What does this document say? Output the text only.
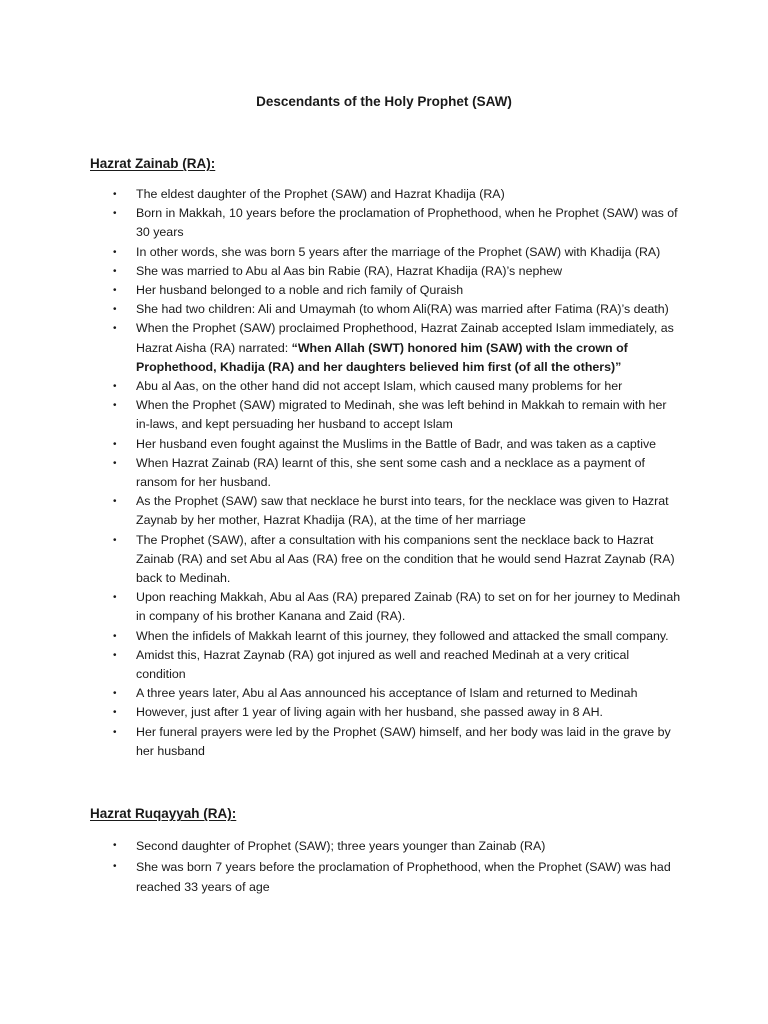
Descendants of the Holy Prophet (SAW)
Hazrat Zainab (RA):
• The eldest daughter of the Prophet (SAW) and Hazrat Khadija (RA)
• Born in Makkah, 10 years before the proclamation of Prophethood, when he Prophet (SAW) was of 30 years
• In other words, she was born 5 years after the marriage of the Prophet (SAW) with Khadija (RA)
• She was married to Abu al Aas bin Rabie (RA), Hazrat Khadija (RA)’s nephew
• Her husband belonged to a noble and rich family of Quraish
• She had two children: Ali and Umaymah (to whom Ali(RA) was married after Fatima (RA)’s death)
• When the Prophet (SAW) proclaimed Prophethood, Hazrat Zainab accepted Islam immediately, as Hazrat Aisha (RA) narrated: “When Allah (SWT) honored him (SAW) with the crown of Prophethood, Khadija (RA) and her daughters believed him first (of all the others)”
• Abu al Aas, on the other hand did not accept Islam, which caused many problems for her
• When the Prophet (SAW) migrated to Medinah, she was left behind in Makkah to remain with her in-laws, and kept persuading her husband to accept Islam
• Her husband even fought against the Muslims in the Battle of Badr, and was taken as a captive
• When Hazrat Zainab (RA) learnt of this, she sent some cash and a necklace as a payment of ransom for her husband.
• As the Prophet (SAW) saw that necklace he burst into tears, for the necklace was given to Hazrat Zaynab by her mother, Hazrat Khadija (RA), at the time of her marriage
• The Prophet (SAW), after a consultation with his companions sent the necklace back to Hazrat Zainab (RA) and set Abu al Aas (RA) free on the condition that he would send Hazrat Zaynab (RA) back to Medinah.
• Upon reaching Makkah, Abu al Aas (RA) prepared Zainab (RA) to set on for her journey to Medinah in company of his brother Kanana and Zaid (RA).
• When the infidels of Makkah learnt of this journey, they followed and attacked the small company.
• Amidst this, Hazrat Zaynab (RA) got injured as well and reached Medinah at a very critical condition
• A three years later, Abu al Aas announced his acceptance of Islam and returned to Medinah
• However, just after 1 year of living again with her husband, she passed away in 8 AH.
• Her funeral prayers were led by the Prophet (SAW) himself, and her body was laid in the grave by her husband
Hazrat Ruqayyah (RA):
• Second daughter of Prophet (SAW); three years younger than Zainab (RA)
• She was born 7 years before the proclamation of Prophethood, when the Prophet (SAW) was had reached 33 years of age
